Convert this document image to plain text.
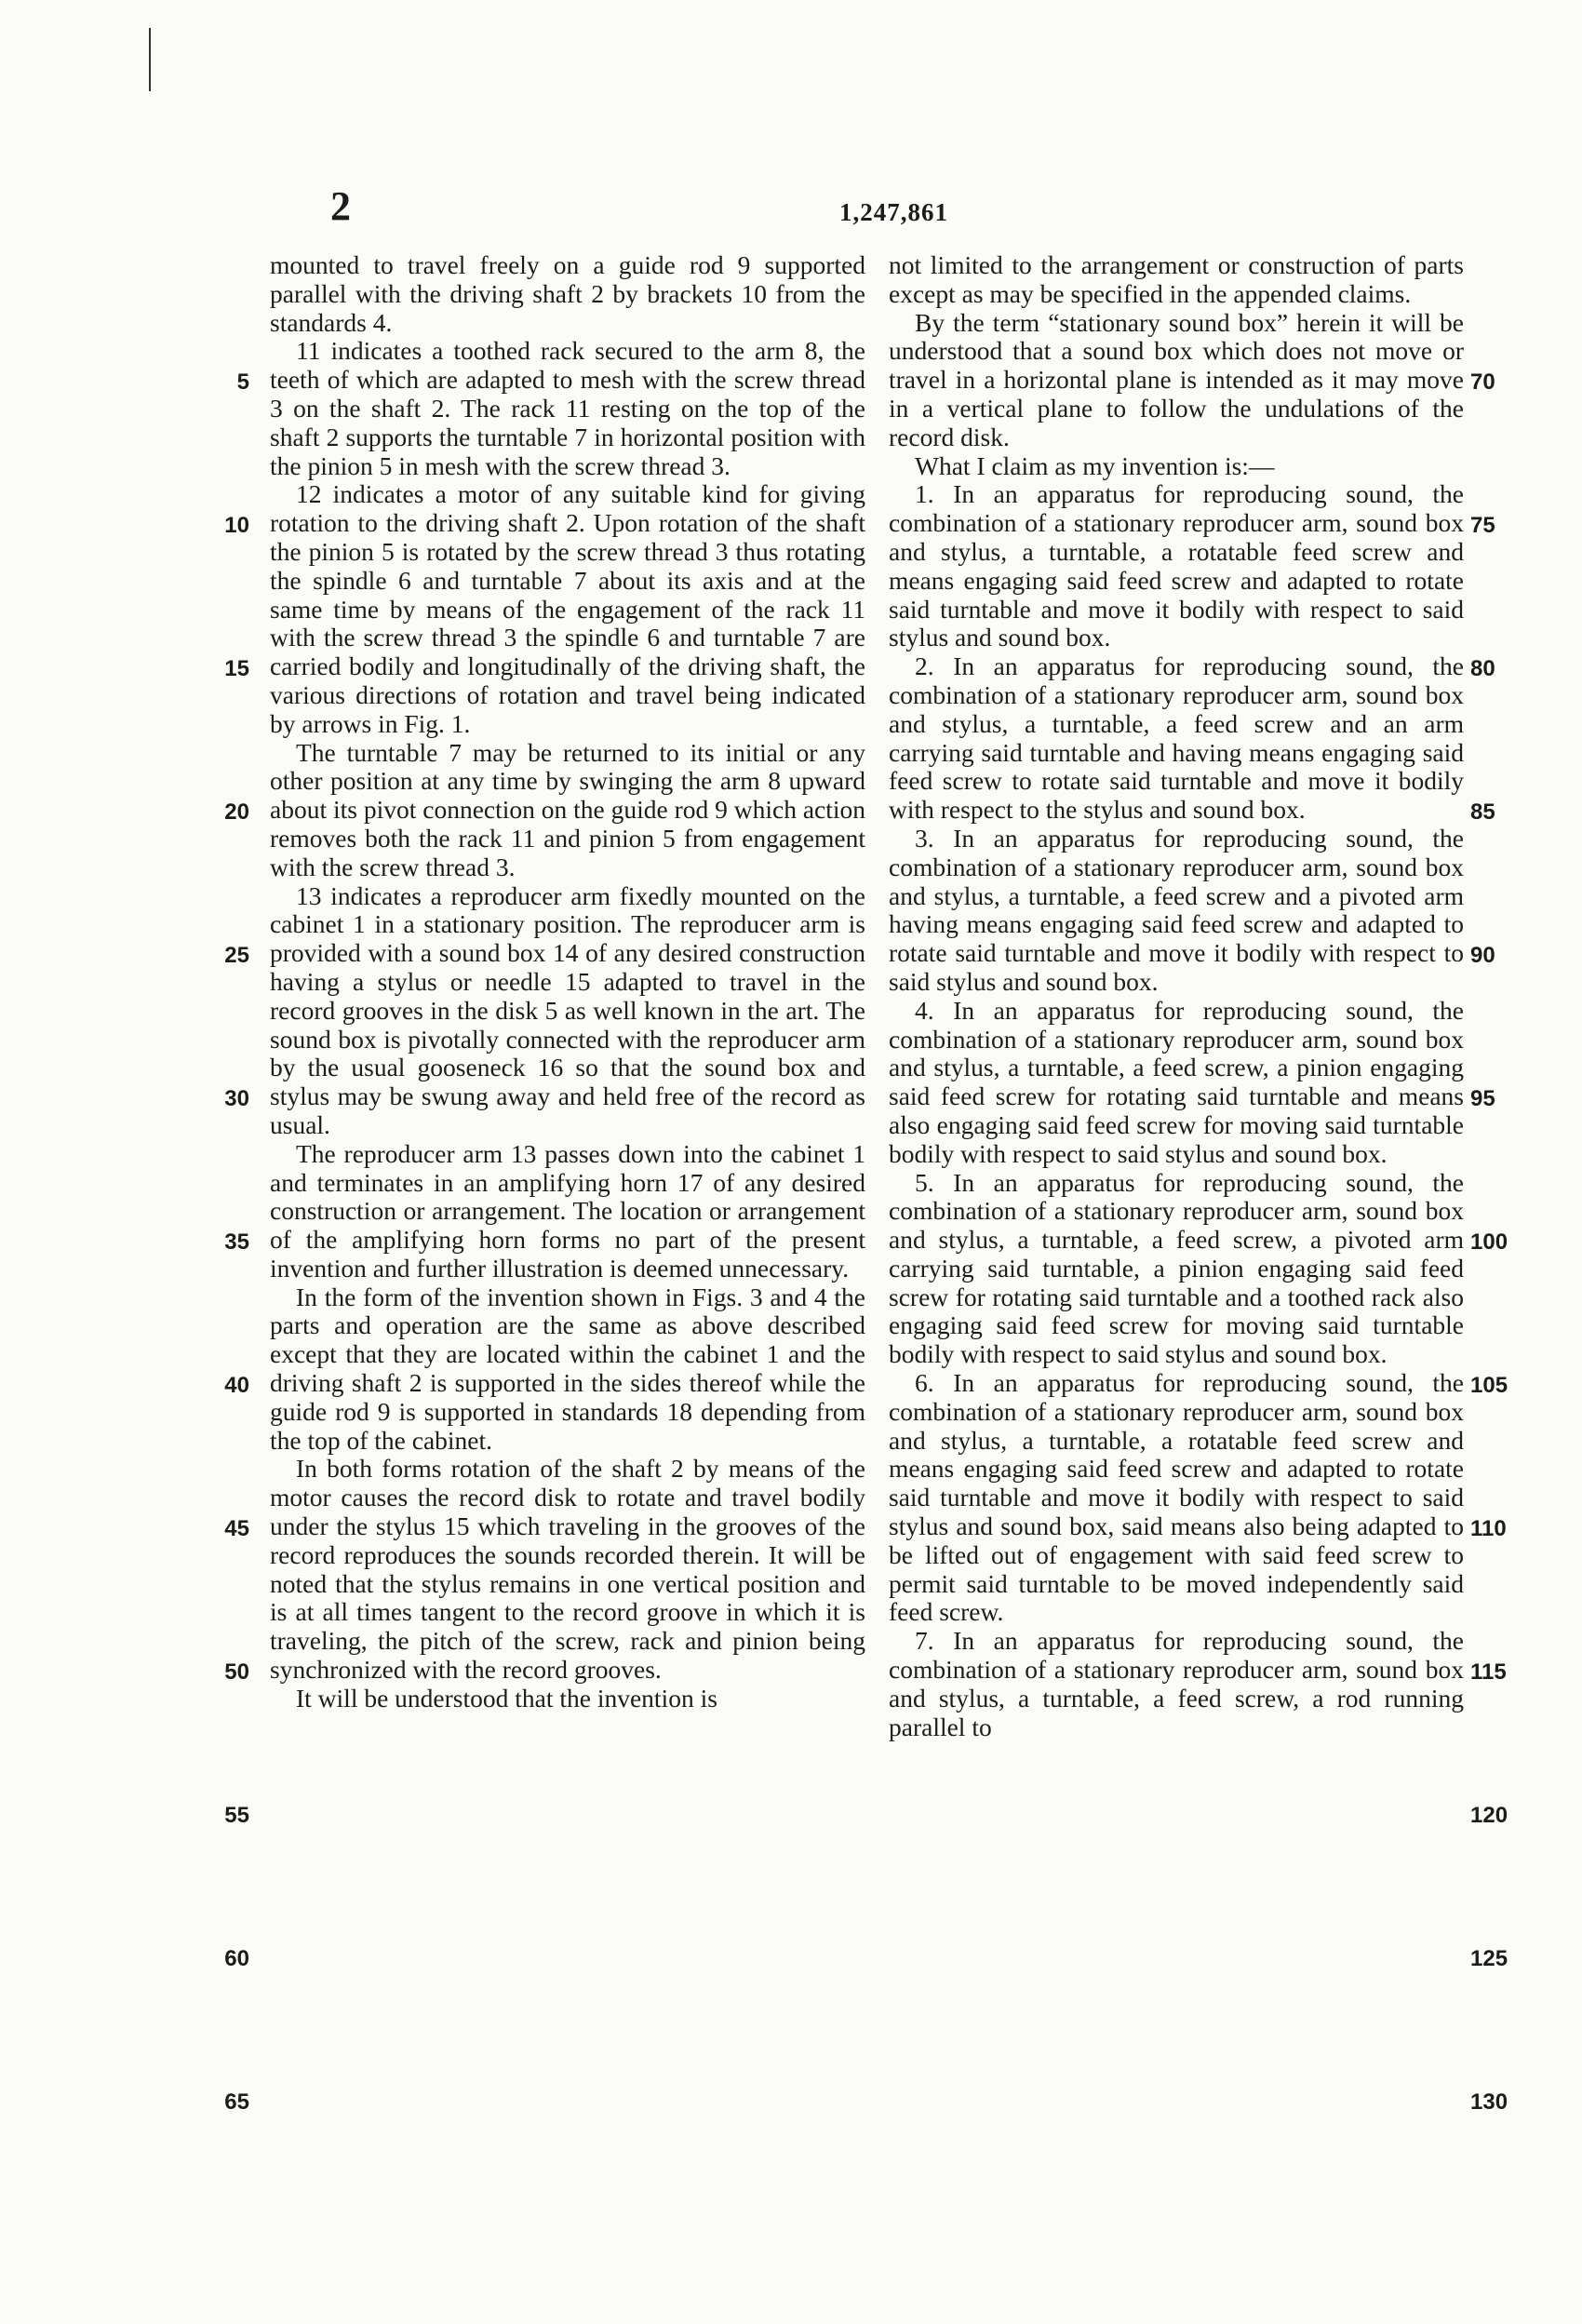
2	1,247,861

mounted to travel freely on a guide rod 9 supported parallel with the driving shaft 2 by brackets 10 from the standards 4.

11 indicates a toothed rack secured to the arm 8, the teeth of which are adapted to mesh with the screw thread 3 on the shaft 2. The rack 11 resting on the top of the shaft 2 supports the turntable 7 in horizontal position with the pinion 5 in mesh with the screw thread 3.

12 indicates a motor of any suitable kind for giving rotation to the driving shaft 2. Upon rotation of the shaft the pinion 5 is rotated by the screw thread 3 thus rotating the spindle 6 and turntable 7 about its axis and at the same time by means of the engagement of the rack 11 with the screw thread 3 the spindle 6 and turntable 7 are carried bodily and longitudinally of the driving shaft, the various directions of rotation and travel being indicated by arrows in Fig. 1.

The turntable 7 may be returned to its initial or any other position at any time by swinging the arm 8 upward about its pivot connection on the guide rod 9 which action removes both the rack 11 and pinion 5 from engagement with the screw thread 3.

13 indicates a reproducer arm fixedly mounted on the cabinet 1 in a stationary position. The reproducer arm is provided with a sound box 14 of any desired construction having a stylus or needle 15 adapted to travel in the record grooves in the disk 5 as well known in the art. The sound box is pivotally connected with the reproducer arm by the usual gooseneck 16 so that the sound box and stylus may be swung away and held free of the record as usual.

The reproducer arm 13 passes down into the cabinet 1 and terminates in an amplifying horn 17 of any desired construction or arrangement. The location or arrangement of the amplifying horn forms no part of the present invention and further illustration is deemed unnecessary.

In the form of the invention shown in Figs. 3 and 4 the parts and operation are the same as above described except that they are located within the cabinet 1 and the driving shaft 2 is supported in the sides thereof while the guide rod 9 is supported in standards 18 depending from the top of the cabinet.

In both forms rotation of the shaft 2 by means of the motor causes the record disk to rotate and travel bodily under the stylus 15 which traveling in the grooves of the record reproduces the sounds recorded therein. It will be noted that the stylus remains in one vertical position and is at all times tangent to the record groove in which it is traveling, the pitch of the screw, rack and pinion being synchronized with the record grooves.

It will be understood that the invention is

not limited to the arrangement or construction of parts except as may be specified in the appended claims.

By the term “stationary sound box” herein it will be understood that a sound box which does not move or travel in a horizontal plane is intended as it may move in a vertical plane to follow the undulations of the record disk.

What I claim as my invention is:—

1. In an apparatus for reproducing sound, the combination of a stationary reproducer arm, sound box and stylus, a turntable, a rotatable feed screw and means engaging said feed screw and adapted to rotate said turntable and move it bodily with respect to said stylus and sound box.

2. In an apparatus for reproducing sound, the combination of a stationary reproducer arm, sound box and stylus, a turntable, a feed screw and an arm carrying said turntable and having means engaging said feed screw to rotate said turntable and move it bodily with respect to the stylus and sound box.

3. In an apparatus for reproducing sound, the combination of a stationary reproducer arm, sound box and stylus, a turntable, a feed screw and a pivoted arm having means engaging said feed screw and adapted to rotate said turntable and move it bodily with respect to said stylus and sound box.

4. In an apparatus for reproducing sound, the combination of a stationary reproducer arm, sound box and stylus, a turntable, a feed screw, a pinion engaging said feed screw for rotating said turntable and means also engaging said feed screw for moving said turntable bodily with respect to said stylus and sound box.

5. In an apparatus for reproducing sound, the combination of a stationary reproducer arm, sound box and stylus, a turntable, a feed screw, a pivoted arm carrying said turntable, a pinion engaging said feed screw for rotating said turntable and a toothed rack also engaging said feed screw for moving said turntable bodily with respect to said stylus and sound box.

6. In an apparatus for reproducing sound, the combination of a stationary reproducer arm, sound box and stylus, a turntable, a rotatable feed screw and means engaging said feed screw and adapted to rotate said turntable and move it bodily with respect to said stylus and sound box, said means also being adapted to be lifted out of engagement with said feed screw to permit said turntable to be moved independently said feed screw.

7. In an apparatus for reproducing sound, the combination of a stationary reproducer arm, sound box and stylus, a turntable, a feed screw, a rod running parallel to

5
10
15
20
25
30
35
40
45
50
55
60
65
70
75
80
85
90
95
100
105
110
115
120
125
130
